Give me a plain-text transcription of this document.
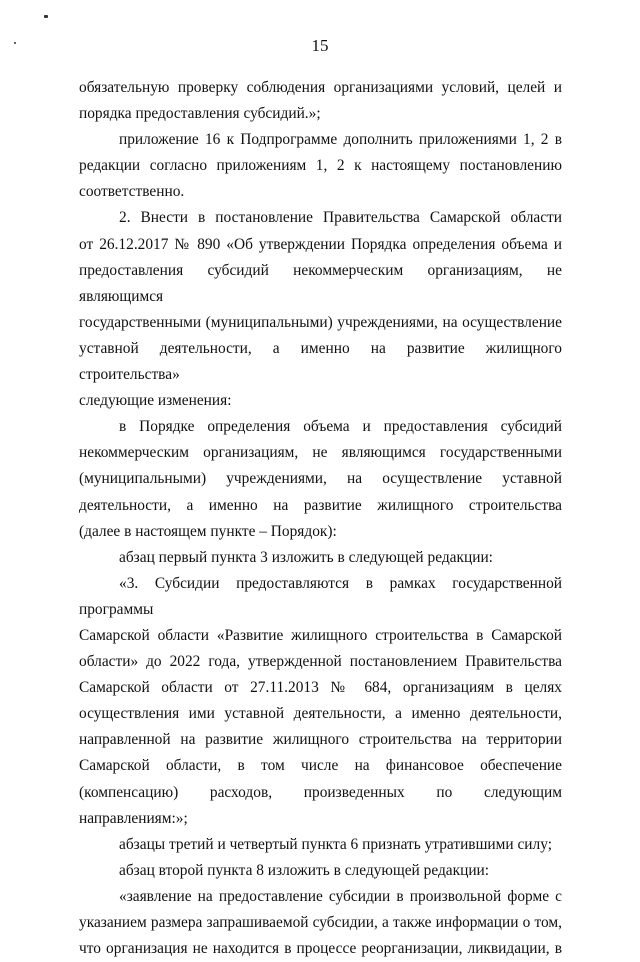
15

обязательную проверку соблюдения организациями условий, целей и

порядка предоставления субсидий.»;

приложение 16 к Подпрограмме дополнить приложениями 1, 2 в

редакции согласно приложениям 1, 2 к настоящему постановлению

соответственно.

2. Внести в постановление Правительства Самарской области

от 26.12.2017 № 890 «Об утверждении Порядка определения объема и

предоставления субсидий некоммерческим организациям, не являющимся

государственными (муниципальными) учреждениями, на осуществление

уставной деятельности, а именно на развитие жилищного строительства»

следующие изменения:

в Порядке определения объема и предоставления субсидий

некоммерческим организациям, не являющимся государственными

(муниципальными) учреждениями, на осуществление уставной

деятельности, а именно на развитие жилищного строительства

(далее в настоящем пункте – Порядок):

абзац первый пункта 3 изложить в следующей редакции:

«3. Субсидии предоставляются в рамках государственной программы

Самарской области «Развитие жилищного строительства в Самарской

области» до 2022 года, утвержденной постановлением Правительства

Самарской области от 27.11.2013 № 684, организациям в целях

осуществления ими уставной деятельности, а именно деятельности,

направленной на развитие жилищного строительства на территории

Самарской области, в том числе на финансовое обеспечение

(компенсацию) расходов, произведенных по следующим направлениям:»;

абзацы третий и четвертый пункта 6 признать утратившими силу;

абзац второй пункта 8 изложить в следующей редакции:

«заявление на предоставление субсидии в произвольной форме с

указанием размера запрашиваемой субсидии, а также информации о том,

что организация не находится в процессе реорганизации, ликвидации, в
